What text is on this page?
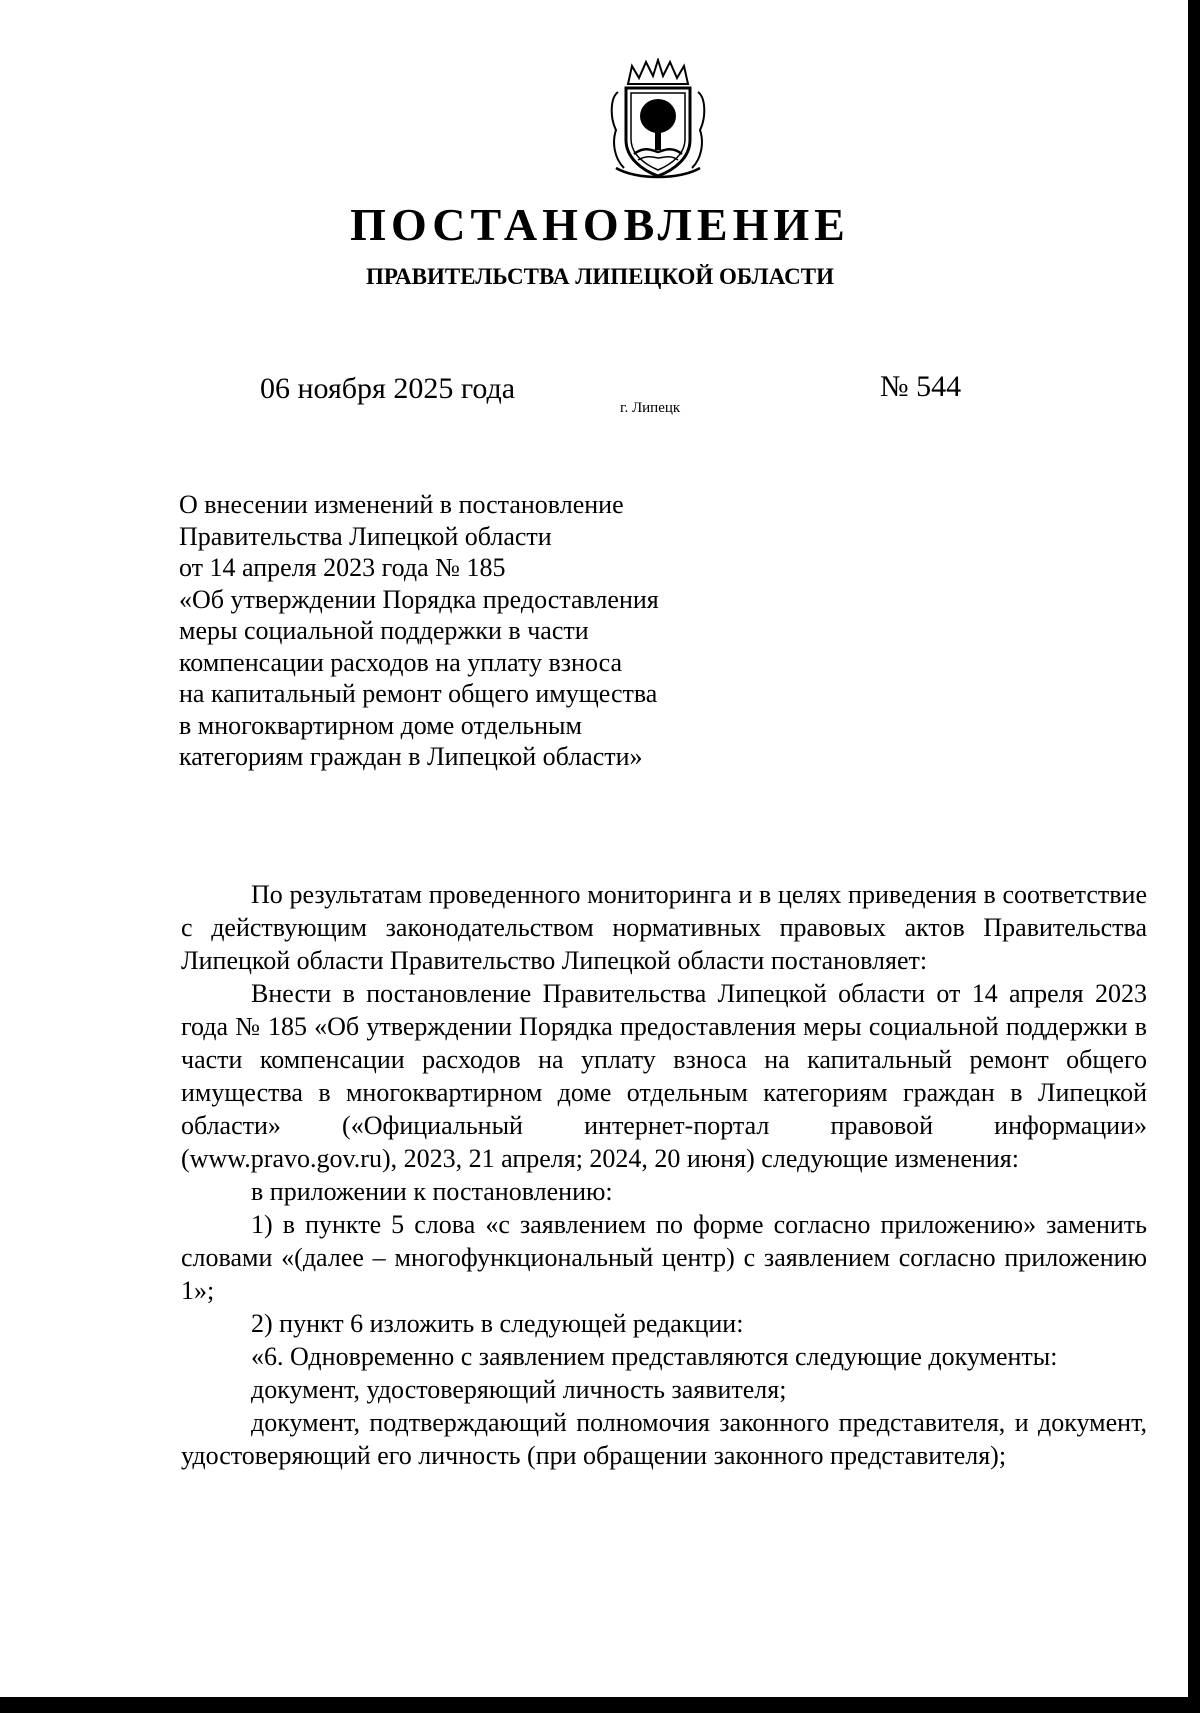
ПОСТАНОВЛЕНИЕ
ПРАВИТЕЛЬСТВА ЛИПЕЦКОЙ ОБЛАСТИ
06 ноября 2025 года
г. Липецк
№ 544
О внесении изменений в постановление
Правительства Липецкой области
от 14 апреля 2023 года № 185
«Об утверждении Порядка предоставления
меры социальной поддержки в части
компенсации расходов на уплату взноса
на капитальный ремонт общего имущества
в многоквартирном доме отдельным
категориям граждан в Липецкой области»

По результатам проведенного мониторинга и в целях приведения в соответствие с действующим законодательством нормативных правовых актов Правительства Липецкой области Правительство Липецкой области постановляет:

Внести в постановление Правительства Липецкой области от 14 апреля 2023 года № 185 «Об утверждении Порядка предоставления меры социальной поддержки в части компенсации расходов на уплату взноса на капитальный ремонт общего имущества в многоквартирном доме отдельным категориям граждан в Липецкой области» («Официальный интернет-портал правовой информации» (www.pravo.gov.ru), 2023, 21 апреля; 2024, 20 июня) следующие изменения:

в приложении к постановлению:

1) в пункте 5 слова «с заявлением по форме согласно приложению» заменить словами «(далее – многофункциональный центр) с заявлением согласно приложению 1»;

2) пункт 6 изложить в следующей редакции:

«6. Одновременно с заявлением представляются следующие документы:

документ, удостоверяющий личность заявителя;

документ, подтверждающий полномочия законного представителя, и документ, удостоверяющий его личность (при обращении законного представителя);
